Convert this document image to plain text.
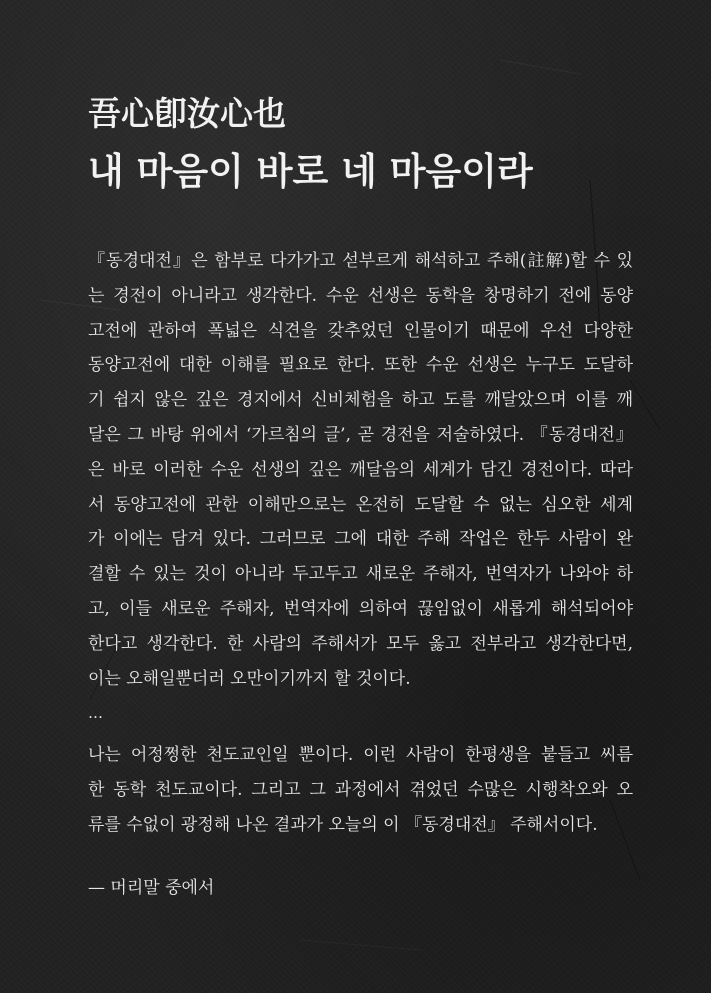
吾心卽汝心也
내 마음이 바로 네 마음이라
『동경대전』은 함부로 다가가고 섣부르게 해석하고 주해(註解)할 수 있
는 경전이 아니라고 생각한다. 수운 선생은 동학을 창명하기 전에 동양
고전에 관하여 폭넓은 식견을 갖추었던 인물이기 때문에 우선 다양한
동양고전에 대한 이해를 필요로 한다. 또한 수운 선생은 누구도 도달하
기 쉽지 않은 깊은 경지에서 신비체험을 하고 도를 깨달았으며 이를 깨
달은 그 바탕 위에서 ‘가르침의 글’, 곧 경전을 저술하였다. 『동경대전』
은 바로 이러한 수운 선생의 깊은 깨달음의 세계가 담긴 경전이다. 따라
서 동양고전에 관한 이해만으로는 온전히 도달할 수 없는 심오한 세계
가 이에는 담겨 있다. 그러므로 그에 대한 주해 작업은 한두 사람이 완
결할 수 있는 것이 아니라 두고두고 새로운 주해자, 번역자가 나와야 하
고, 이들 새로운 주해자, 번역자에 의하여 끊임없이 새롭게 해석되어야
한다고 생각한다. 한 사람의 주해서가 모두 옳고 전부라고 생각한다면,
이는 오해일뿐더러 오만이기까지 할 것이다.
…
나는 어정쩡한 천도교인일 뿐이다. 이런 사람이 한평생을 붙들고 씨름
한 동학 천도교이다. 그리고 그 과정에서 겪었던 수많은 시행착오와 오
류를 수없이 광정해 나온 결과가 오늘의 이 『동경대전』 주해서이다.
— 머리말 중에서
